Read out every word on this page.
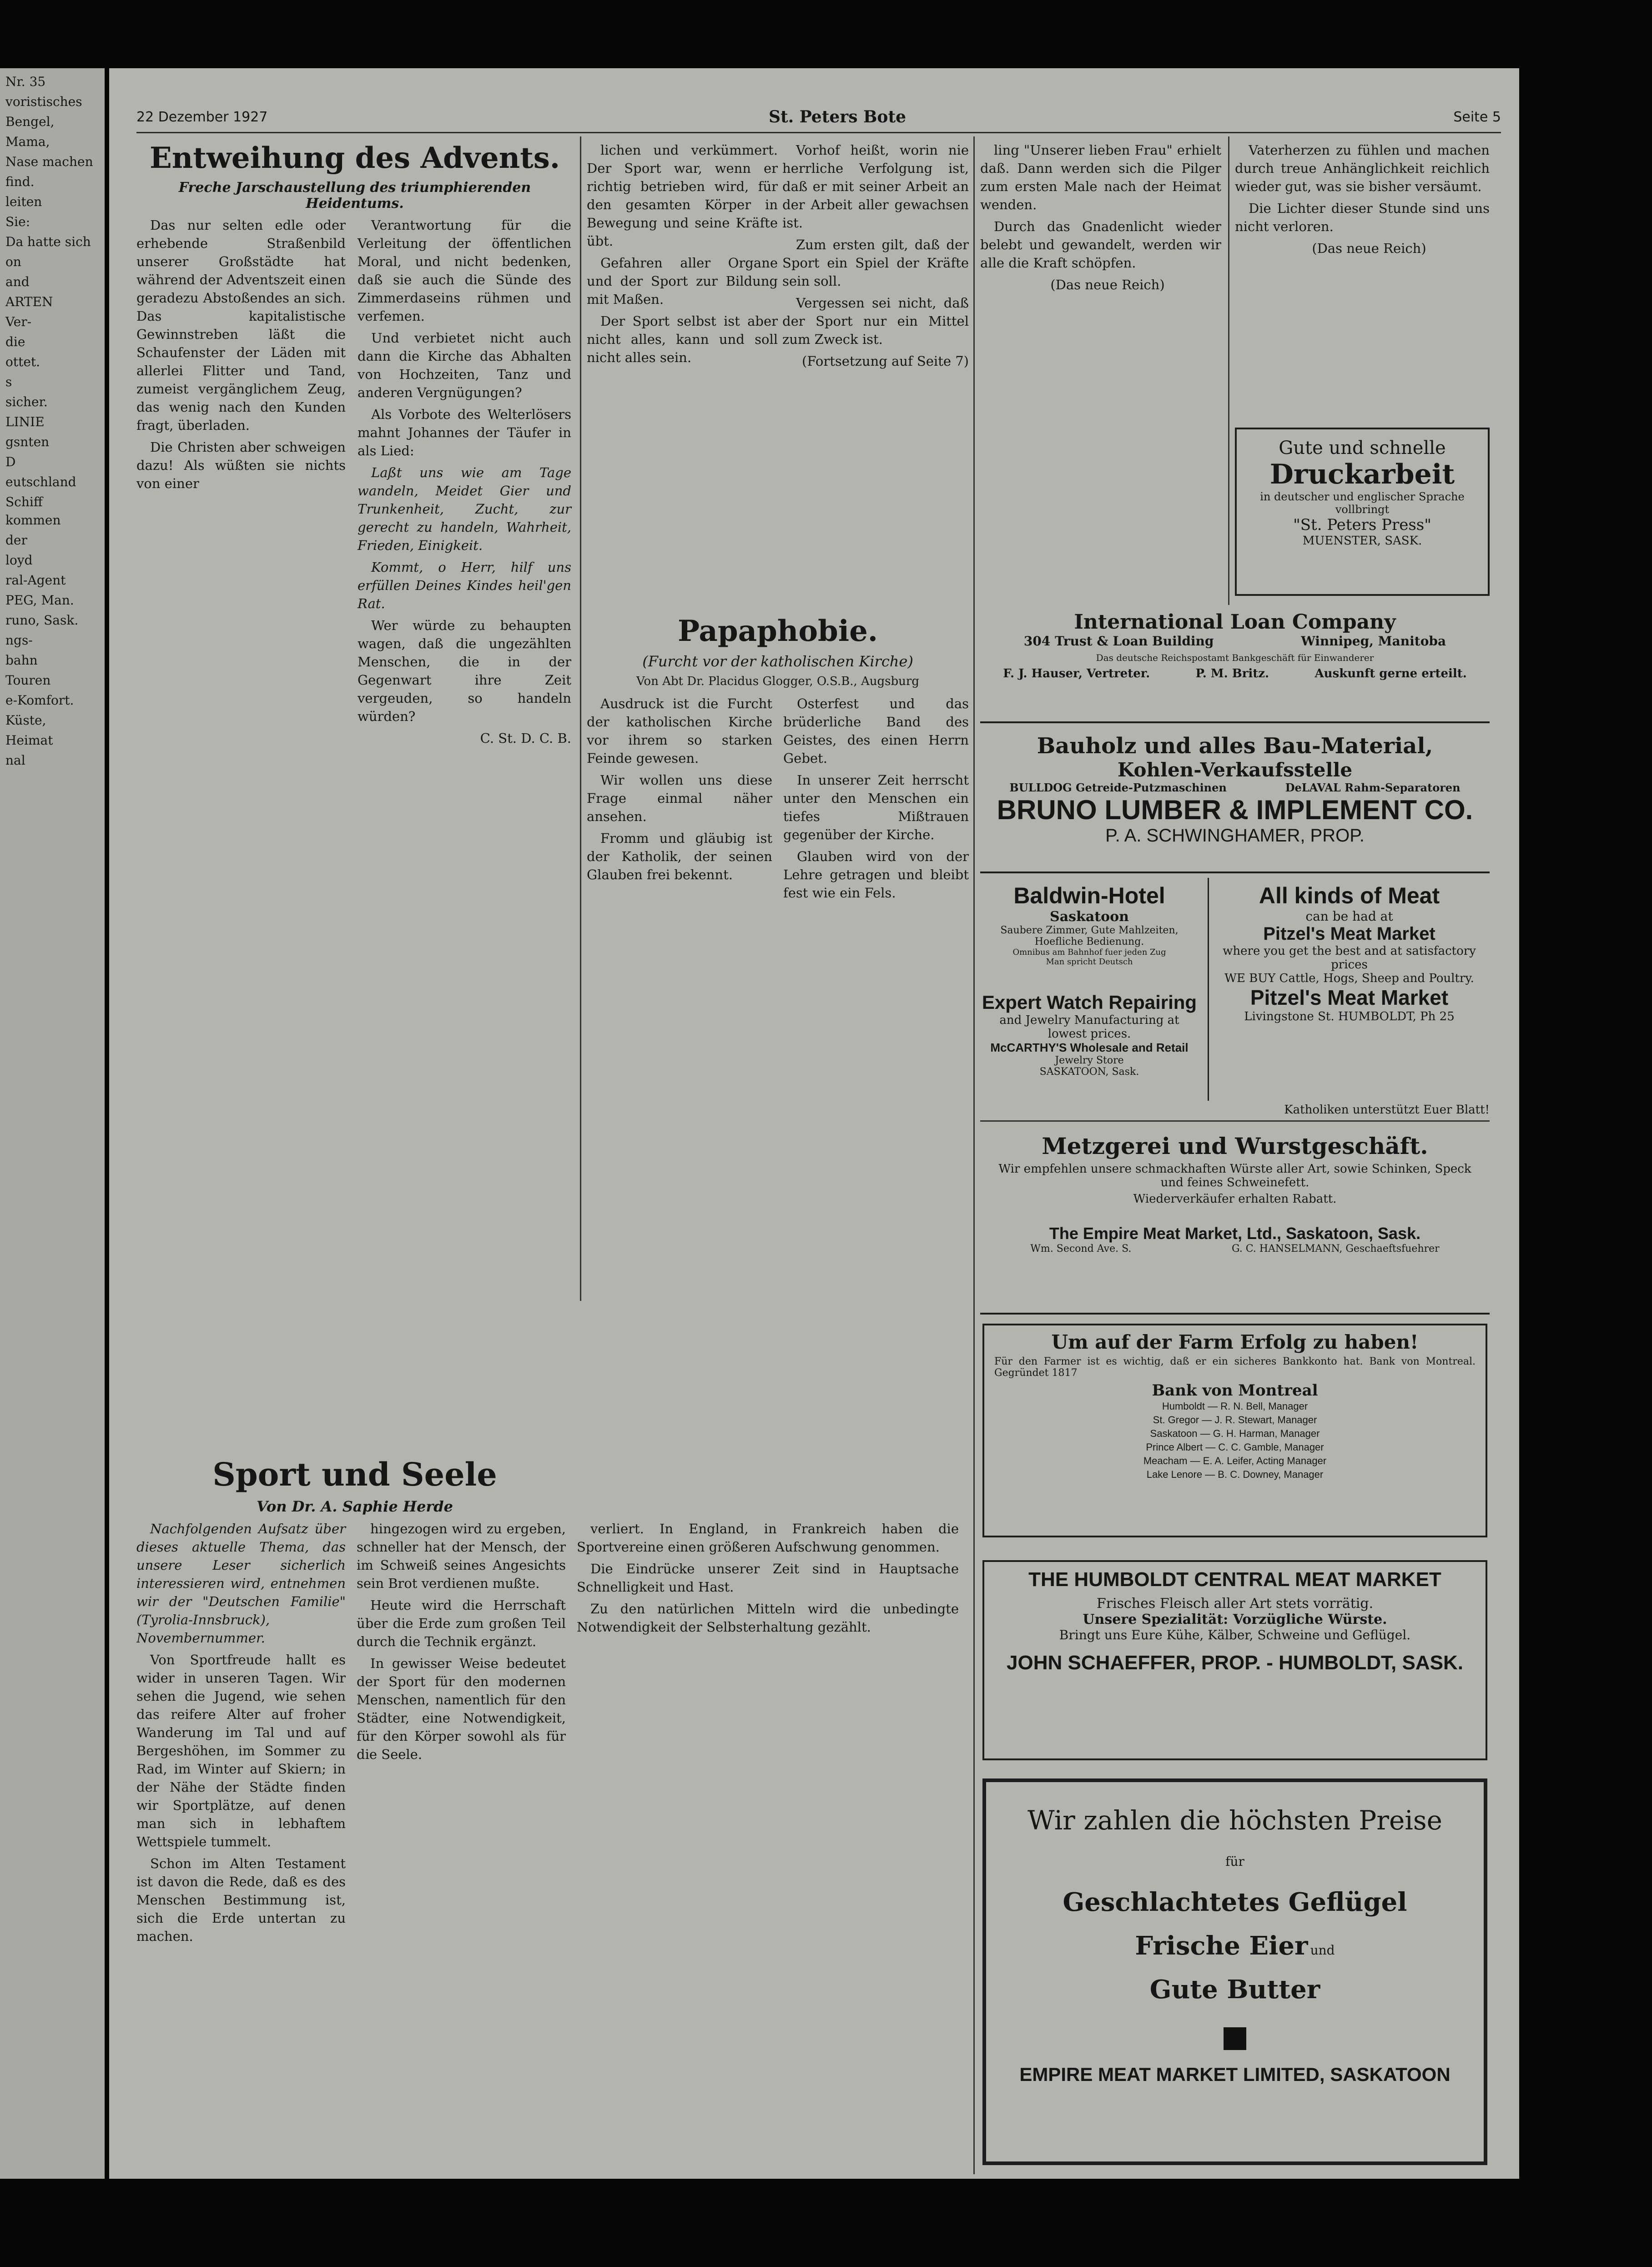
Nr. 35
voristisches
Bengel,
Mama,
Nase machen
find.
leiten
Sie:
Da hatte sich
on
and
ARTEN
Ver-
die
ottet.
s
sicher.
LINIE
gsnten
D
eutschland
Schiff kommen
der
loyd
ral-Agent
PEG, Man.
runo, Sask.
ngs-
bahn
Touren
e-Komfort.
Küste,
Heimat
nal
22 Dezember 1927	St. Peters Bote	Seite 5
Entweihung des Advents.
Freche Jarschaustellung des triumphierenden Heidentums.

Das nur selten edle oder erhebende Straßenbild unserer Großstädte hat während der Adventszeit einen geradezu Abstoßendes an sich. Das kapitalistische Gewinnstreben läßt die Schaufenster der Läden mit allerlei Flitter und Tand, zumeist vergänglichem Zeug, das wenig nach den Kunden fragt, überladen.

Die Christen aber schweigen dazu! Als wüßten sie nichts von einer

Verantwortung für die Verleitung der öffentlichen Moral, und nicht bedenken, daß sie auch die Sünde des Zimmerdaseins rühmen und verfemen.

Und verbietet nicht auch dann die Kirche das Abhalten von Hochzeiten, Tanz und anderen Vergnügungen?

Als Vorbote des Welterlösers mahnt Johannes der Täufer in als Lied:

Laßt uns wie am Tage wandeln, Meidet Gier und Trunkenheit, Zucht, zur gerecht zu handeln, Wahrheit, Frieden, Einigkeit.

Kommt, o Herr, hilf uns erfüllen Deines Kindes heil'gen Rat.

Wer würde zu behaupten wagen, daß die ungezählten Menschen, die in der Gegenwart ihre Zeit vergeuden, so handeln würden?

C. St. D. C. B.

lichen und verkümmert. Der Sport war, wenn er richtig betrieben wird, für den gesamten Körper in Bewegung und seine Kräfte übt.

Gefahren aller Organe und der Sport zur Bildung mit Maßen.

Der Sport selbst ist aber nicht alles, kann und soll nicht alles sein.

Vorhof heißt, worin nie herrliche Verfolgung ist, daß er mit seiner Arbeit an der Arbeit aller gewachsen ist.

Zum ersten gilt, daß der Sport ein Spiel der Kräfte sein soll.

Vergessen sei nicht, daß der Sport nur ein Mittel zum Zweck ist.

(Fortsetzung auf Seite 7)

Papaphobie.
(Furcht vor der katholischen Kirche)
Von Abt Dr. Placidus Glogger, O.S.B., Augsburg

Ausdruck ist die Furcht der katholischen Kirche vor ihrem so starken Feinde gewesen.

Wir wollen uns diese Frage einmal näher ansehen.

Fromm und gläubig ist der Katholik, der seinen Glauben frei bekennt.

Osterfest und das brüderliche Band des Geistes, des einen Herrn Gebet.

In unserer Zeit herrscht unter den Menschen ein tiefes Mißtrauen gegenüber der Kirche.

Glauben wird von der Lehre getragen und bleibt fest wie ein Fels.

Sport und Seele
Von Dr. A. Saphie Herde

Nachfolgenden Aufsatz über dieses aktuelle Thema, das unsere Leser sicherlich interessieren wird, entnehmen wir der "Deutschen Familie" (Tyrolia-Innsbruck), Novembernummer.

Von Sportfreude hallt es wider in unseren Tagen. Wir sehen die Jugend, wie sehen das reifere Alter auf froher Wanderung im Tal und auf Bergeshöhen, im Sommer zu Rad, im Winter auf Skiern; in der Nähe der Städte finden wir Sportplätze, auf denen man sich in lebhaftem Wettspiele tummelt.

Schon im Alten Testament ist davon die Rede, daß es des Menschen Bestimmung ist, sich die Erde untertan zu machen.

hingezogen wird zu ergeben, schneller hat der Mensch, der im Schweiß seines Angesichts sein Brot verdienen mußte.

Heute wird die Herrschaft über die Erde zum großen Teil durch die Technik ergänzt.

In gewisser Weise bedeutet der Sport für den modernen Menschen, namentlich für den Städter, eine Notwendigkeit, für den Körper sowohl als für die Seele.

verliert. In England, in Frankreich haben die Sportvereine einen größeren Aufschwung genommen.

Die Eindrücke unserer Zeit sind in Hauptsache Schnelligkeit und Hast.

Zu den natürlichen Mitteln wird die unbedingte Notwendigkeit der Selbsterhaltung gezählt.

ling "Unserer lieben Frau" erhielt daß. Dann werden sich die Pilger zum ersten Male nach der Heimat wenden.

Durch das Gnadenlicht wieder belebt und gewandelt, werden wir alle die Kraft schöpfen.

(Das neue Reich)

Vaterherzen zu fühlen und machen durch treue Anhänglichkeit reichlich wieder gut, was sie bisher versäumt.

Die Lichter dieser Stunde sind uns nicht verloren.

(Das neue Reich)

Gute und schnelle
Druckarbeit
in deutscher und englischer Sprache
vollbringt
"St. Peters Press"
MUENSTER, SASK.
International Loan Company
304 Trust & Loan Building	Winnipeg, Manitoba
Das deutsche Reichspostamt Bankgeschäft für Einwanderer
F. J. Hauser, Vertreter.	P. M. Britz.	Auskunft gerne erteilt.
Bauholz und alles Bau-Material,
Kohlen-Verkaufsstelle
BULLDOG Getreide-Putzmaschinen	DeLAVAL Rahm-Separatoren
BRUNO LUMBER & IMPLEMENT CO.
P. A. SCHWINGHAMER, PROP.
Baldwin-Hotel
Saskatoon
Saubere Zimmer, Gute Mahlzeiten,
Hoefliche Bedienung.
Omnibus am Bahnhof fuer jeden Zug
Man spricht Deutsch
Expert Watch Repairing
and Jewelry Manufacturing at
lowest prices.
McCARTHY'S Wholesale and Retail
Jewelry Store
SASKATOON, Sask.
All kinds of Meat
can be had at
Pitzel's Meat Market
where you get the best and at satisfactory prices
WE BUY Cattle, Hogs, Sheep and Poultry.
Pitzel's Meat Market
Livingstone St. HUMBOLDT, Ph 25
Katholiken unterstützt Euer Blatt!
Metzgerei und Wurstgeschäft.
Wir empfehlen unsere schmackhaften Würste aller Art, sowie Schinken, Speck und feines Schweinefett.
Wiederverkäufer erhalten Rabatt.
The Empire Meat Market, Ltd., Saskatoon, Sask.
Wm. Second Ave. S.	G. C. HANSELMANN, Geschaeftsfuehrer
Um auf der Farm Erfolg zu haben!
Für den Farmer ist es wichtig, daß er ein sicheres Bankkonto hat. Bank von Montreal. Gegründet 1817
Bank von Montreal
Humboldt — R. N. Bell, Manager
St. Gregor — J. R. Stewart, Manager
Saskatoon — G. H. Harman, Manager
Prince Albert — C. C. Gamble, Manager
Meacham — E. A. Leifer, Acting Manager
Lake Lenore — B. C. Downey, Manager
THE HUMBOLDT CENTRAL MEAT MARKET
Frisches Fleisch aller Art stets vorrätig.
Unsere Spezialität: Vorzügliche Würste.
Bringt uns Eure Kühe, Kälber, Schweine und Geflügel.
JOHN SCHAEFFER, PROP. - HUMBOLDT, SASK.
Wir zahlen die höchsten Preise
für
Geschlachtetes Geflügel
Frische Eier und
Gute Butter
EMPIRE MEAT MARKET LIMITED, SASKATOON
